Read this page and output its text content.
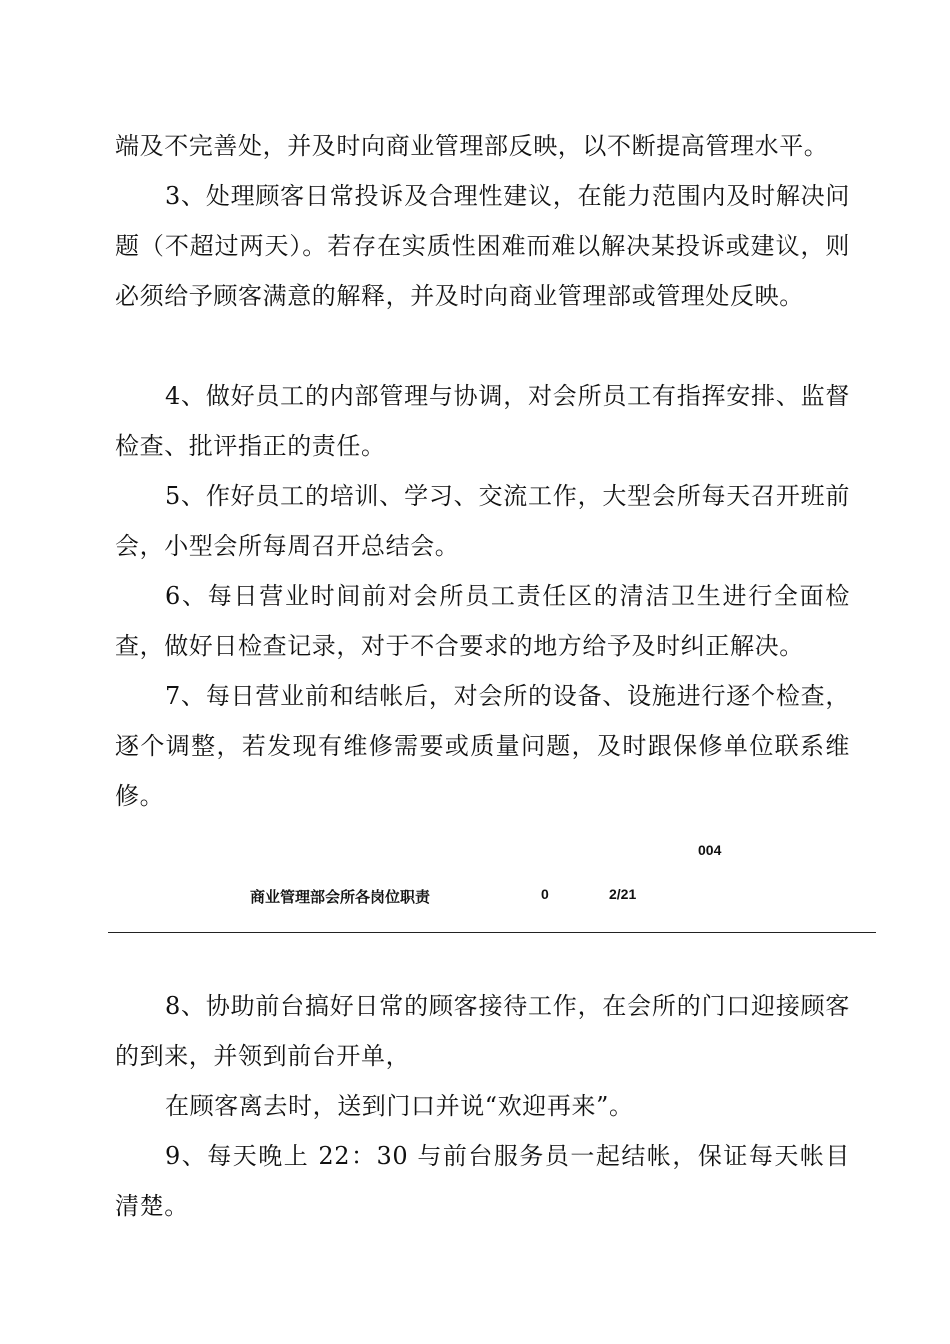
端及不完善处，并及时向商业管理部反映，以不断提高管理水平。

3、处理顾客日常投诉及合理性建议，在能力范围内及时解决问题（不超过两天）。若存在实质性困难而难以解决某投诉或建议，则必须给予顾客满意的解释，并及时向商业管理部或管理处反映。

4、做好员工的内部管理与协调，对会所员工有指挥安排、监督检查、批评指正的责任。

5、作好员工的培训、学习、交流工作，大型会所每天召开班前会，小型会所每周召开总结会。

6、每日营业时间前对会所员工责任区的清洁卫生进行全面检查，做好日检查记录，对于不合要求的地方给予及时纠正解决。

7、每日营业前和结帐后，对会所的设备、设施进行逐个检查，逐个调整，若发现有维修需要或质量问题，及时跟保修单位联系维修。

004
商业管理部会所各岗位职责	0	2/21

8、协助前台搞好日常的顾客接待工作，在会所的门口迎接顾客的到来，并领到前台开单，

在顾客离去时，送到门口并说“欢迎再来”。

9、每天晚上 22：30 与前台服务员一起结帐，保证每天帐目清楚。
